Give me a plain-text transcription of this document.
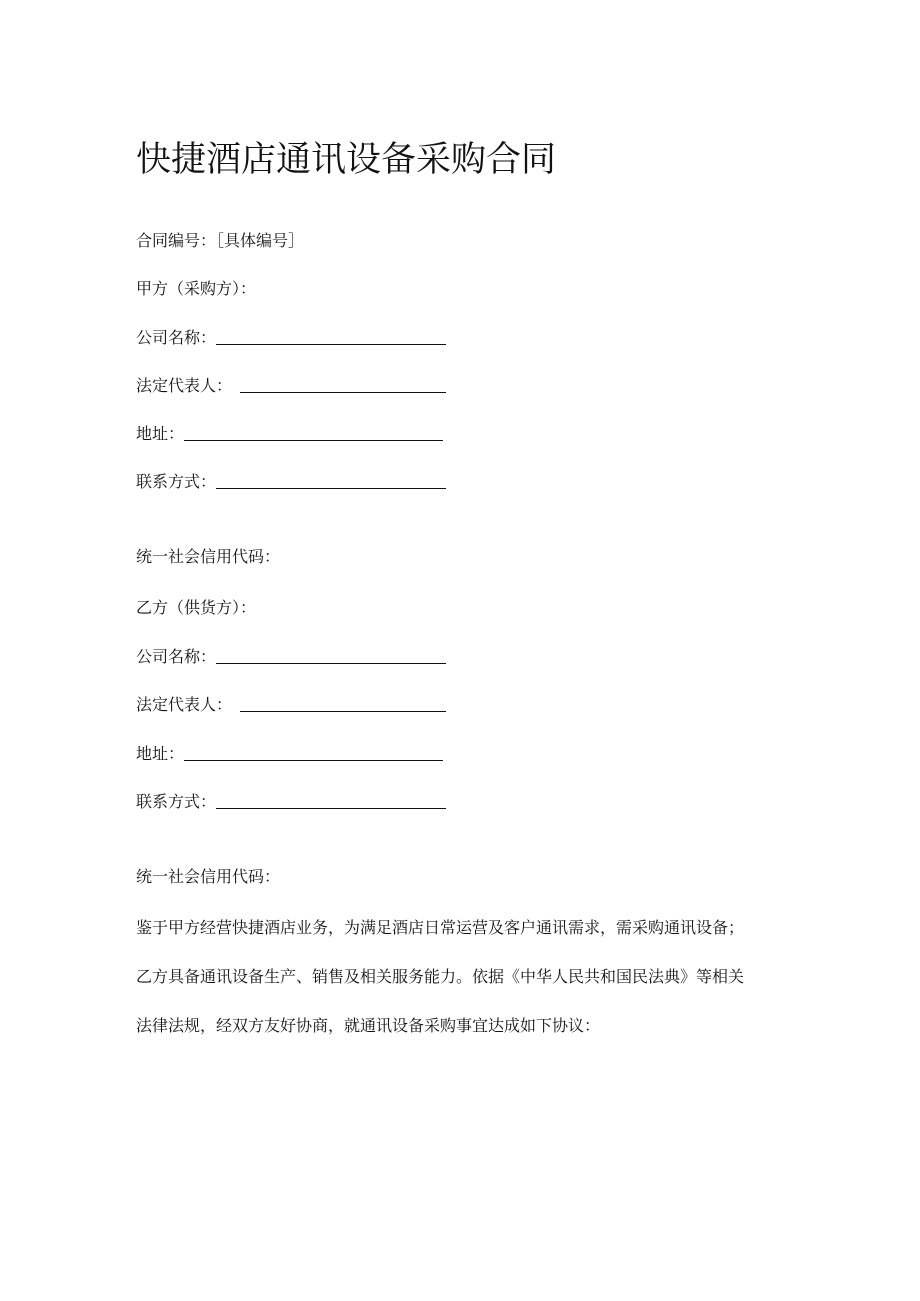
快捷酒店通讯设备采购合同
合同编号：［具体编号］
甲方（采购方）：
公司名称：
法定代表人：
地址：
联系方式：
统一社会信用代码：
乙方（供货方）：
公司名称：
法定代表人：
地址：
联系方式：
统一社会信用代码：
鉴于甲方经营快捷酒店业务，为满足酒店日常运营及客户通讯需求，需采购通讯设备；
乙方具备通讯设备生产、销售及相关服务能力。依据《中华人民共和国民法典》等相关
法律法规，经双方友好协商，就通讯设备采购事宜达成如下协议：
